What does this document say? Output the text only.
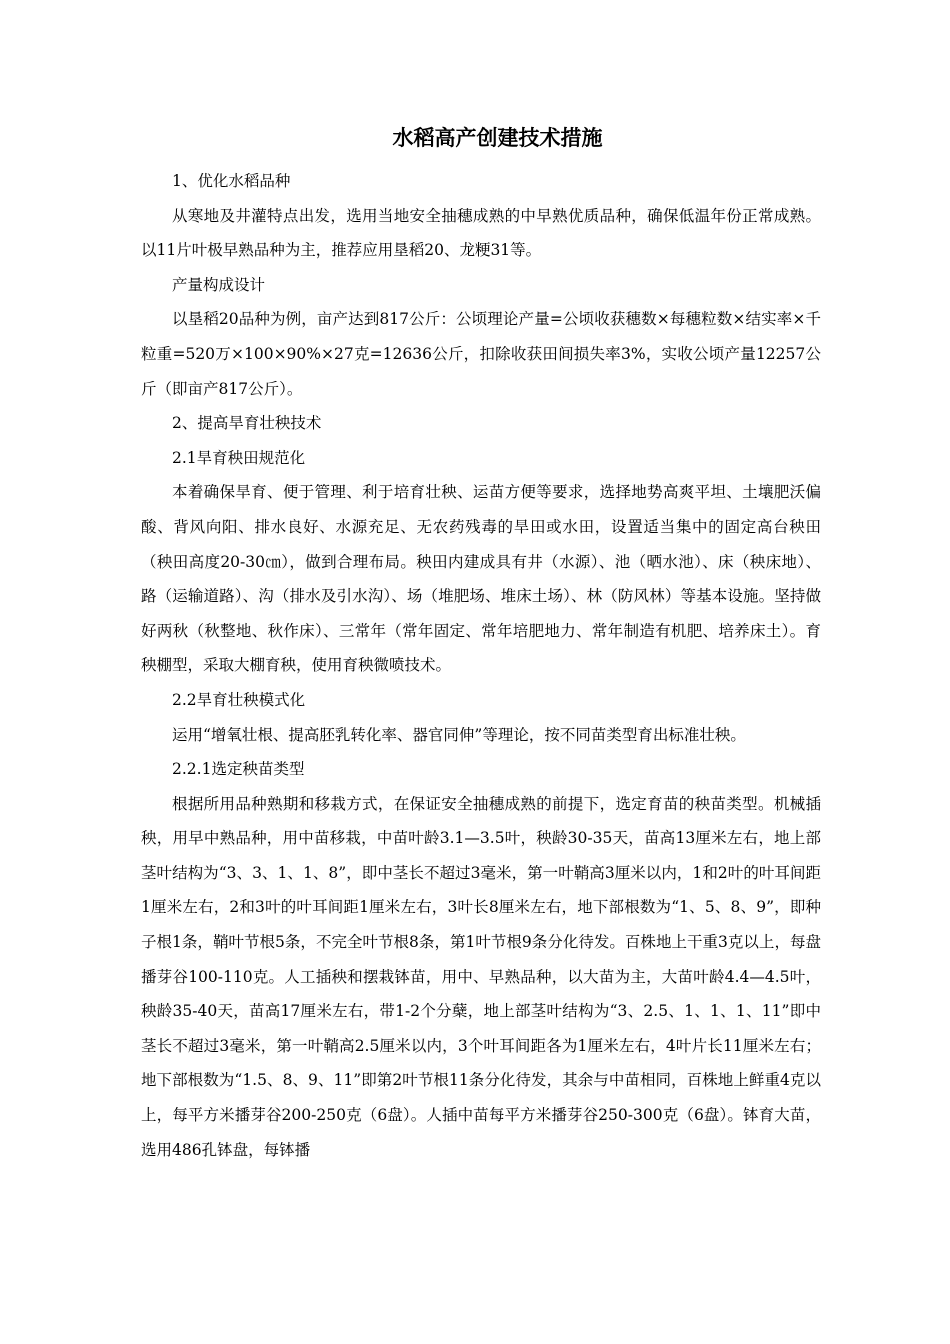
水稻高产创建技术措施

1、优化水稻品种

从寒地及井灌特点出发，选用当地安全抽穗成熟的中早熟优质品种，确保低温年份正常成熟。以11片叶极早熟品种为主，推荐应用垦稻20、龙粳31等。

产量构成设计

以垦稻20品种为例，亩产达到817公斤：公顷理论产量=公顷收获穗数×每穗粒数×结实率×千粒重=520万×100×90%×27克=12636公斤，扣除收获田间损失率3%，实收公顷产量12257公斤（即亩产817公斤）。

2、提高旱育壮秧技术

2.1旱育秧田规范化

本着确保旱育、便于管理、利于培育壮秧、运苗方便等要求，选择地势高爽平坦、土壤肥沃偏酸、背风向阳、排水良好、水源充足、无农药残毒的旱田或水田，设置适当集中的固定高台秧田（秧田高度20-30㎝），做到合理布局。秧田内建成具有井（水源）、池（晒水池）、床（秧床地）、路（运输道路）、沟（排水及引水沟）、场（堆肥场、堆床土场）、林（防风林）等基本设施。坚持做好两秋（秋整地、秋作床）、三常年（常年固定、常年培肥地力、常年制造有机肥、培养床土）。育秧棚型，采取大棚育秧，使用育秧微喷技术。

2.2旱育壮秧模式化

运用“增氧壮根、提高胚乳转化率、器官同伸”等理论，按不同苗类型育出标准壮秧。

2.2.1选定秧苗类型

根据所用品种熟期和移栽方式，在保证安全抽穗成熟的前提下，选定育苗的秧苗类型。机械插秧，用早中熟品种，用中苗移栽，中苗叶龄3.1—3.5叶，秧龄30-35天，苗高13厘米左右，地上部茎叶结构为“3、3、1、1、8”，即中茎长不超过3毫米，第一叶鞘高3厘米以内，1和2叶的叶耳间距1厘米左右，2和3叶的叶耳间距1厘米左右，3叶长8厘米左右，地下部根数为“1、5、8、9”，即种子根1条，鞘叶节根5条，不完全叶节根8条，第1叶节根9条分化待发。百株地上干重3克以上，每盘播芽谷100-110克。人工插秧和摆栽钵苗，用中、早熟品种，以大苗为主，大苗叶龄4.4—4.5叶，秧龄35-40天，苗高17厘米左右，带1-2个分蘖，地上部茎叶结构为“3、2.5、1、1、1、11”即中茎长不超过3毫米，第一叶鞘高2.5厘米以内，3个叶耳间距各为1厘米左右，4叶片长11厘米左右；地下部根数为“1.5、8、9、11”即第2叶节根11条分化待发，其余与中苗相同，百株地上鲜重4克以上，每平方米播芽谷200-250克（6盘）。人插中苗每平方米播芽谷250-300克（6盘）。钵育大苗，选用486孔钵盘，每钵播
